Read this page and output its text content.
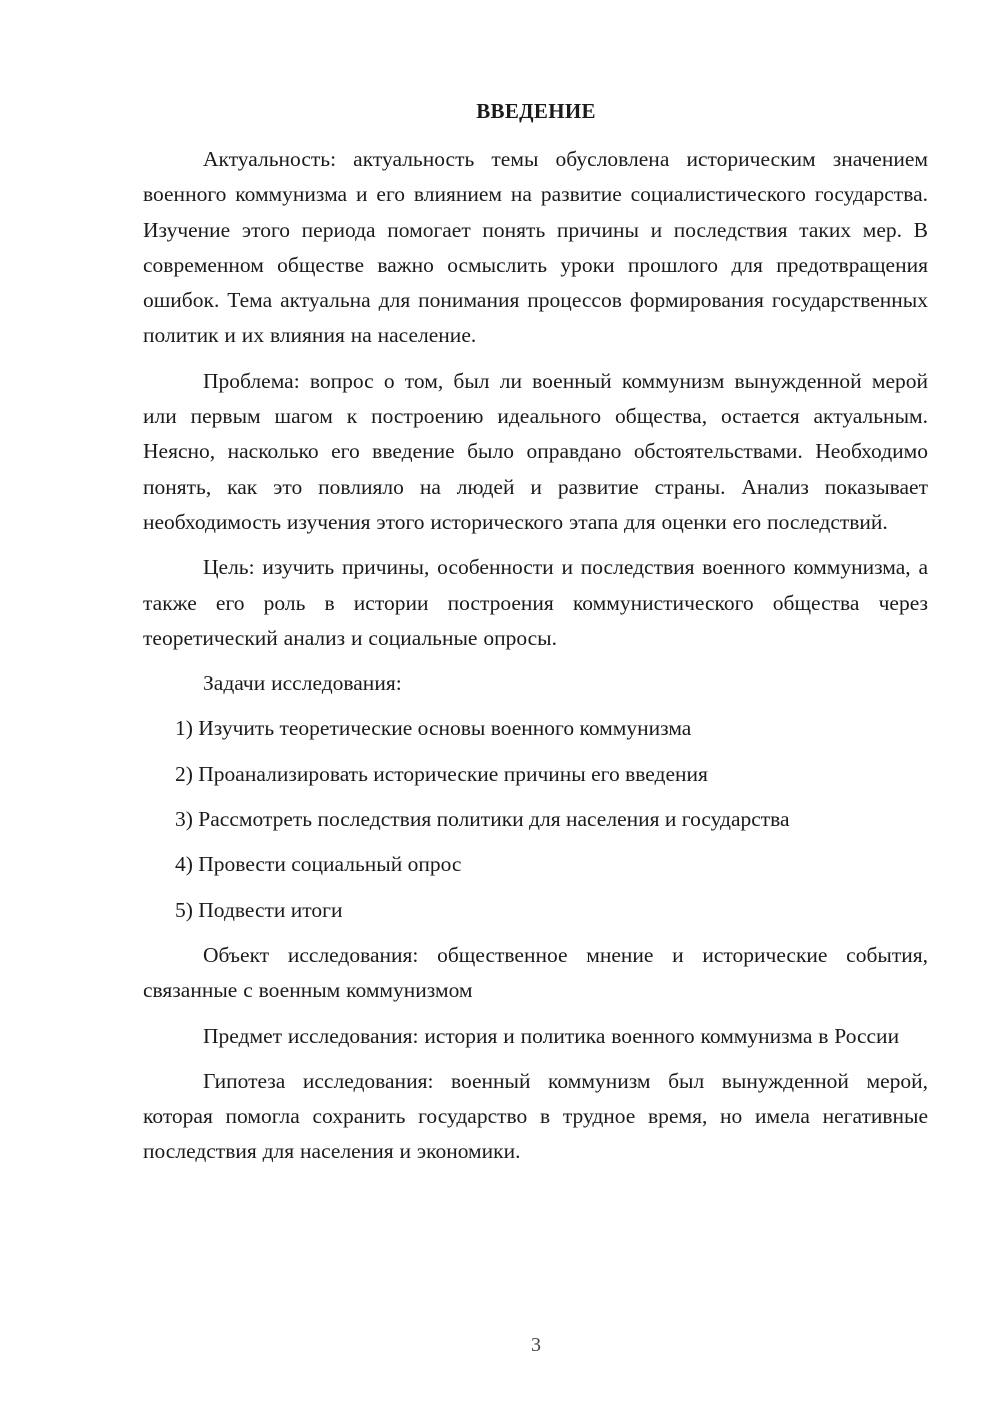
ВВЕДЕНИЕ

Актуальность: актуальность темы обусловлена историческим значением военного коммунизма и его влиянием на развитие социалистического государства. Изучение этого периода помогает понять причины и последствия таких мер. В современном обществе важно осмыслить уроки прошлого для предотвращения ошибок. Тема актуальна для понимания процессов формирования государственных политик и их влияния на население.

Проблема: вопрос о том, был ли военный коммунизм вынужденной мерой или первым шагом к построению идеального общества, остается актуальным. Неясно, насколько его введение было оправдано обстоятельствами. Необходимо понять, как это повлияло на людей и развитие страны. Анализ показывает необходимость изучения этого исторического этапа для оценки его последствий.

Цель: изучить причины, особенности и последствия военного коммунизма, а также его роль в истории построения коммунистического общества через теоретический анализ и социальные опросы.

Задачи исследования:

1) Изучить теоретические основы военного коммунизма

2) Проанализировать исторические причины его введения

3) Рассмотреть последствия политики для населения и государства

4) Провести социальный опрос

5) Подвести итоги

Объект исследования: общественное мнение и исторические события, связанные с военным коммунизмом

Предмет исследования: история и политика военного коммунизма в России

Гипотеза исследования: военный коммунизм был вынужденной мерой, которая помогла сохранить государство в трудное время, но имела негативные последствия для населения и экономики.

3
